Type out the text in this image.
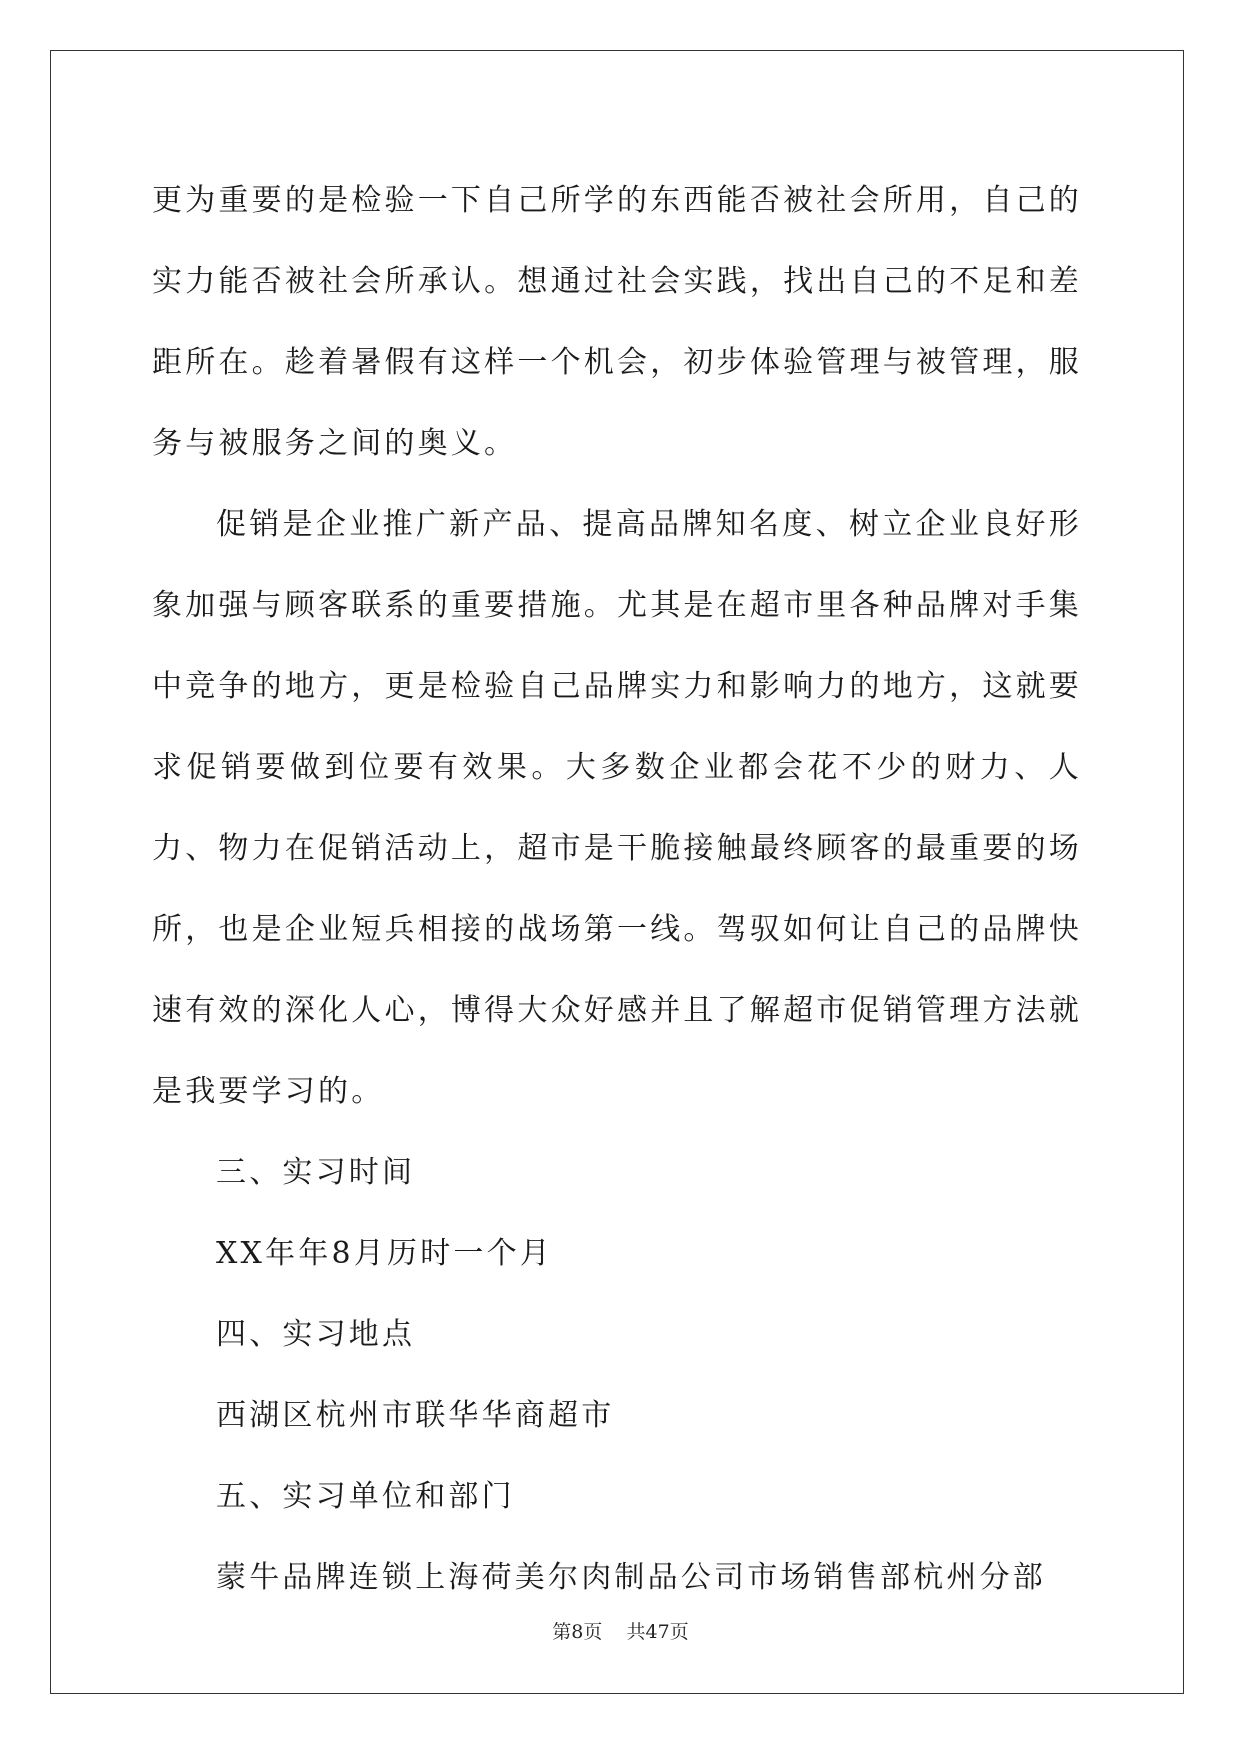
更为重要的是检验一下自己所学的东西能否被社会所用，自己的实力能否被社会所承认。想通过社会实践，找出自己的不足和差距所在。趁着暑假有这样一个机会，初步体验管理与被管理，服务与被服务之间的奥义。

促销是企业推广新产品、提高品牌知名度、树立企业良好形象加强与顾客联系的重要措施。尤其是在超市里各种品牌对手集中竞争的地方，更是检验自己品牌实力和影响力的地方，这就要求促销要做到位要有效果。大多数企业都会花不少的财力、人力、物力在促销活动上，超市是干脆接触最终顾客的最重要的场所，也是企业短兵相接的战场第一线。驾驭如何让自己的品牌快速有效的深化人心，博得大众好感并且了解超市促销管理方法就是我要学习的。

三、实习时间

XX年年8月历时一个月

四、实习地点

西湖区杭州市联华华商超市

五、实习单位和部门

蒙牛品牌连锁上海荷美尔肉制品公司市场销售部杭州分部

第8页 共47页
